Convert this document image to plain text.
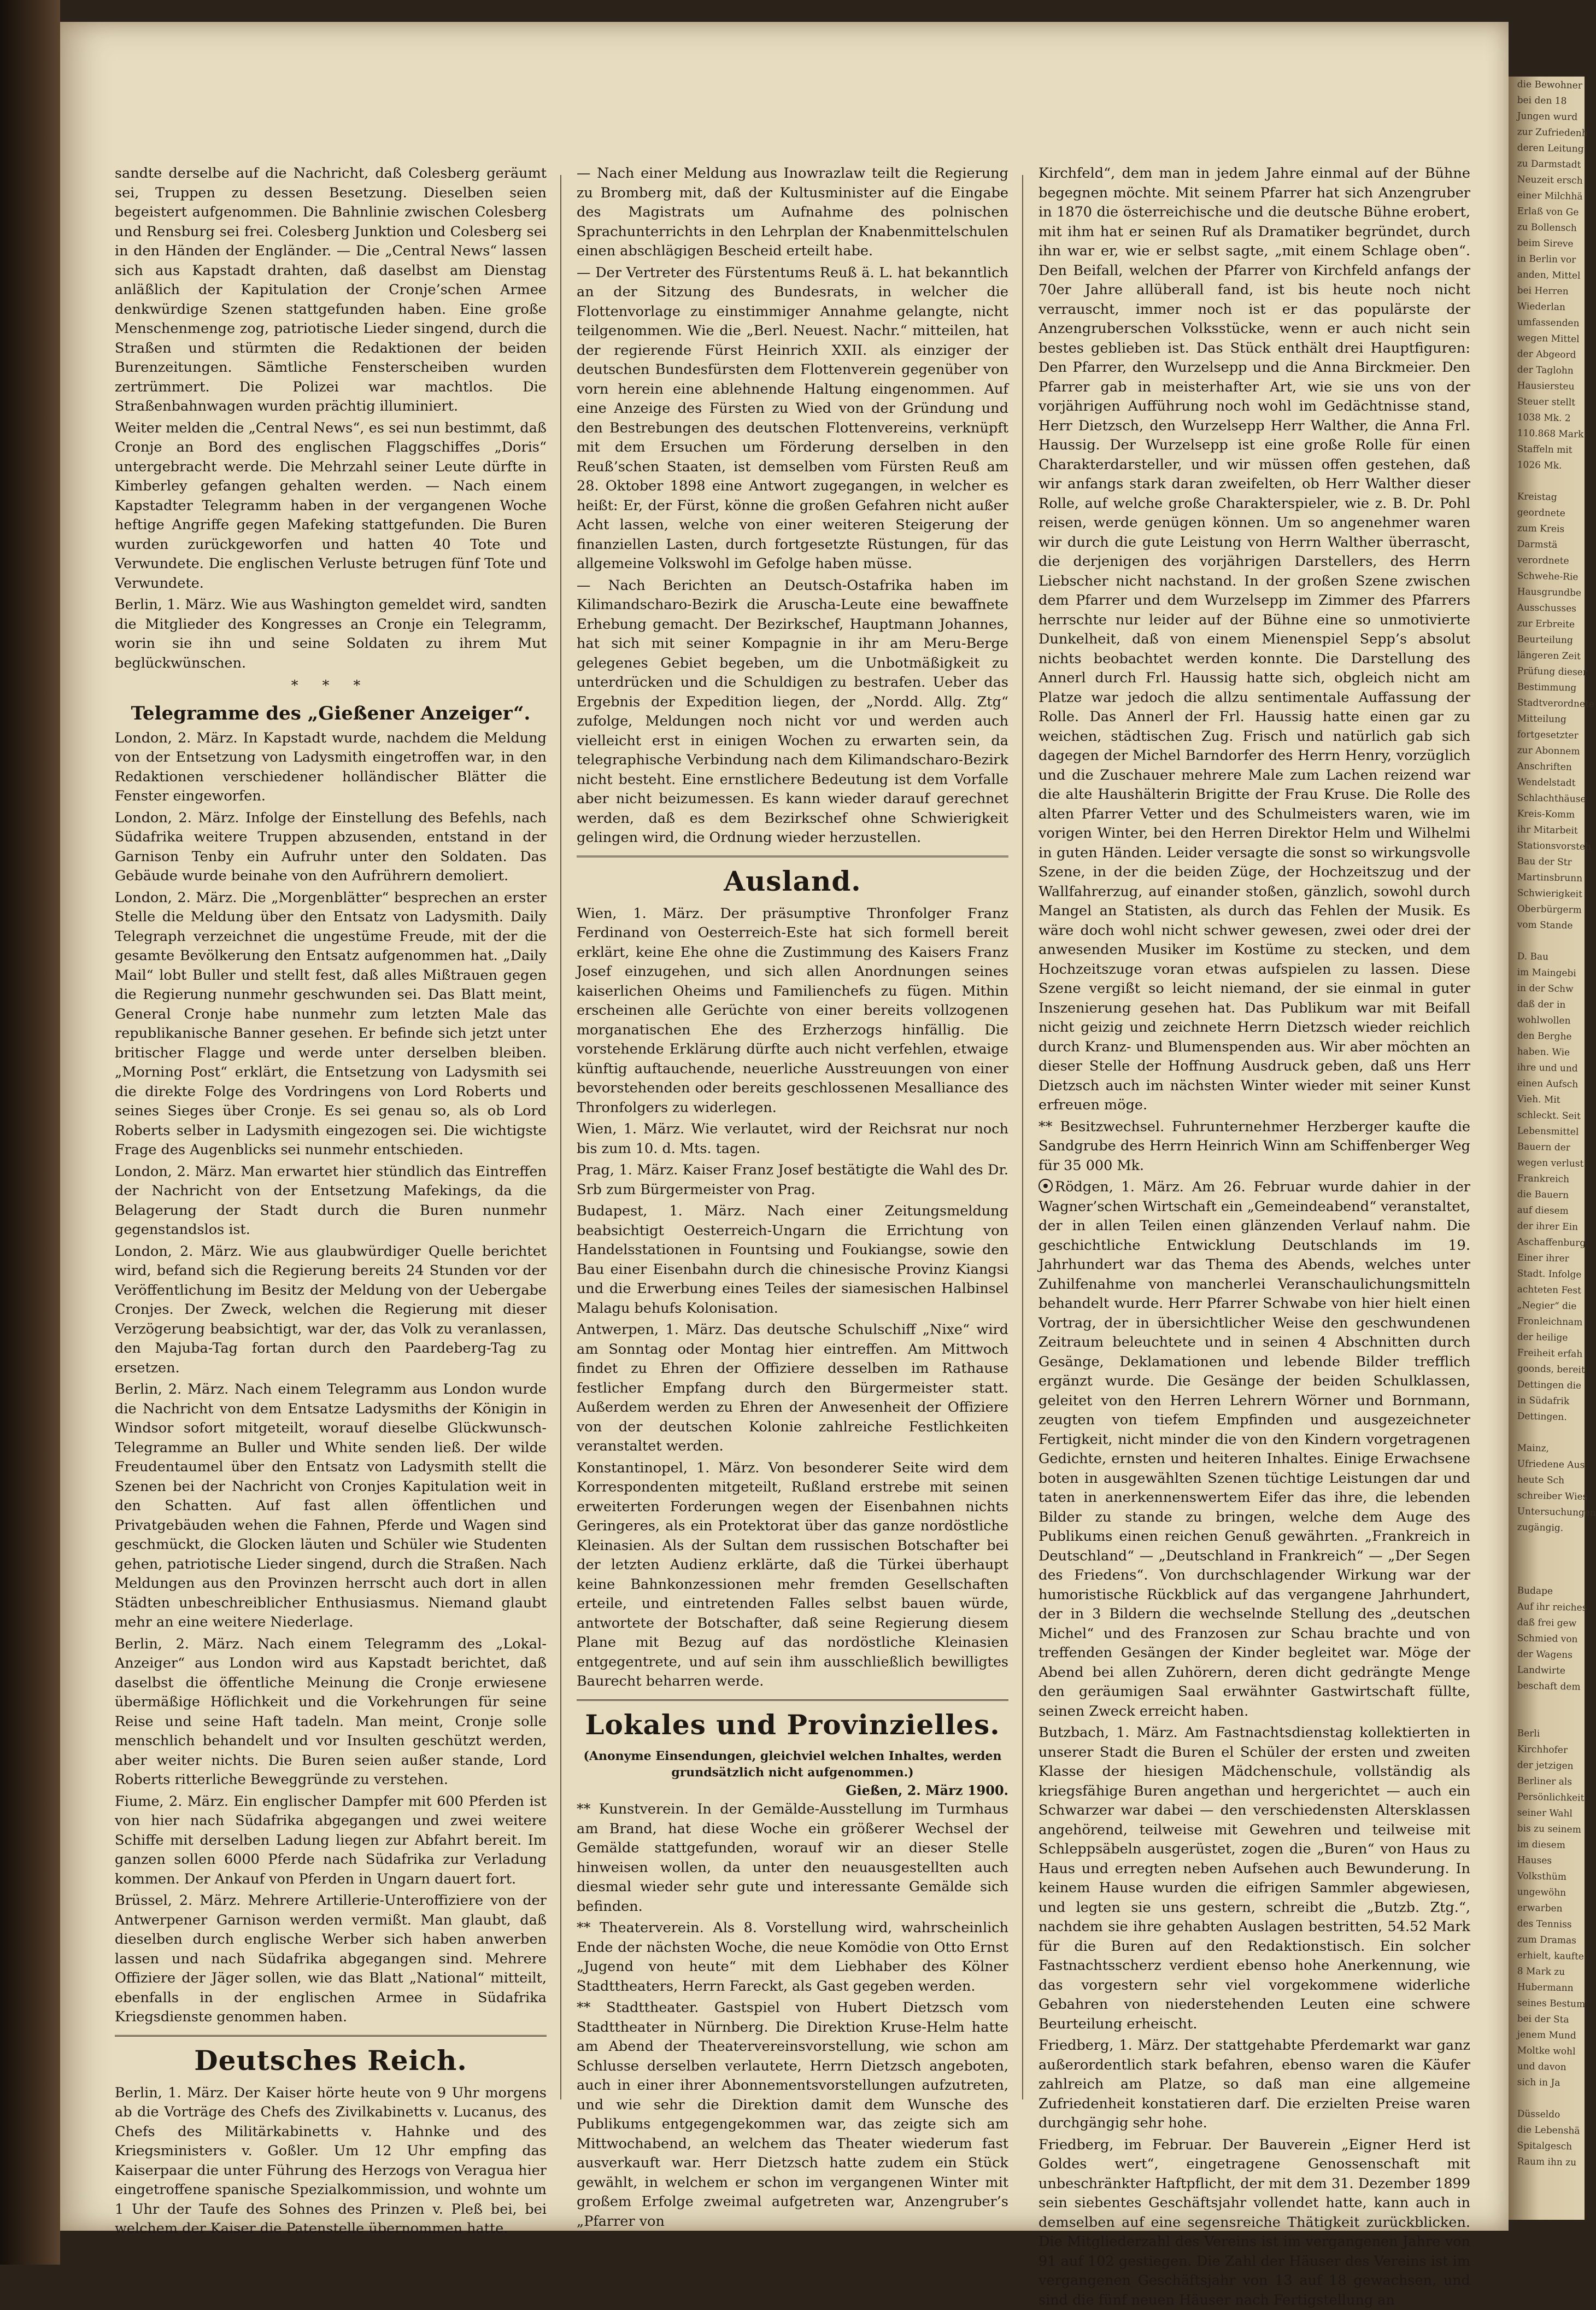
die Bewohner
bei den 18
Jungen wurd
zur Zufriedenh
deren Leitung
zu Darmstadt
Neuzeit ersch
einer Milchhä
Erlaß von Ge
zu Bollensch
beim Sireve
in Berlin vor
anden, Mittel
bei Herren
Wiederlan
umfassenden
wegen Mittel
der Abgeord
der Taglohn
Hausiersteu
Steuer stellt
1038 Mk. 2
110.868 Mark
Staffeln mit
1026 Mk.

Kreistag
geordnete
zum Kreis
Darmstä
verordnete
Schwehe-Rie
Hausgrundbe
Ausschusses
zur Erbreite
Beurteilung
längeren Zeit
Prüfung dieser
Bestimmung
Stadtverordnete
Mitteilung
fortgesetzter
zur Abonnem
Anschriften
Wendelstadt
Schlachthäuse
Kreis-Komm
ihr Mitarbeit
Stationsvorsteh
Bau der Str
Martinsbrunn
Schwierigkeit
Oberbürgerm
vom Stande

D. Bau
im Maingebi
in der Schw
daß der in
wohlwollen
den Berghe
haben. Wie
ihre und und
einen Aufsch
Vieh. Mit
schleckt. Seit
Lebensmittel
Bauern der
wegen verlust
Frankreich
die Bauern
auf diesem
der ihrer Ein
Aschaffenburg
Einer ihrer
Stadt. Infolge
achteten Fest
„Negier“ die
Fronleichnam
der heilige
Freiheit erfah
goonds, bereit
Dettingen die
in Südafrik
Dettingen.

Mainz,
Ufriedene Aus
heute Sch
schreiber Wies
Untersuchungen
zugängig.

Budape
Auf ihr reiches
daß frei gew
Schmied von
der Wagens
Landwirte
beschaft dem

Berli
Kirchhofer
der jetzigen
Berliner als
Persönlichkeit
seiner Wahl
bis zu seinem
im diesem
Hauses
Volksthüm
ungewöhn
erwarben
des Tenniss
zum Dramas
erhielt, kaufte
8 Mark zu
Hubermann
seines Bestum
bei der Sta
jenem Mund
Moltke wohl
und davon
sich in Ja

Düsseldo
die Lebenshä
Spitalgesch
Raum ihn zu

sandte derselbe auf die Nachricht, daß Colesberg geräumt sei, Truppen zu dessen Besetzung. Dieselben seien begeistert aufgenommen. Die Bahnlinie zwischen Colesberg und Rensburg sei frei. Colesberg Junktion und Colesberg sei in den Händen der Engländer. — Die „Central News“ lassen sich aus Kapstadt drahten, daß daselbst am Dienstag anläßlich der Kapitulation der Cronje’schen Armee denkwürdige Szenen stattgefunden haben. Eine große Menschenmenge zog, patriotische Lieder singend, durch die Straßen und stürmten die Redaktionen der beiden Burenzeitungen. Sämtliche Fensterscheiben wurden zertrümmert. Die Polizei war machtlos. Die Straßenbahnwagen wurden prächtig illuminiert.

Weiter melden die „Central News“, es sei nun bestimmt, daß Cronje an Bord des englischen Flaggschiffes „Doris“ untergebracht werde. Die Mehrzahl seiner Leute dürfte in Kimberley gefangen gehalten werden. — Nach einem Kapstadter Telegramm haben in der vergangenen Woche heftige Angriffe gegen Mafeking stattgefunden. Die Buren wurden zurückgeworfen und hatten 40 Tote und Verwundete. Die englischen Verluste betrugen fünf Tote und Verwundete.

Berlin, 1. März. Wie aus Washington gemeldet wird, sandten die Mitglieder des Kongresses an Cronje ein Telegramm, worin sie ihn und seine Soldaten zu ihrem Mut beglückwünschen.

* * *
Telegramme des „Gießener Anzeiger“.

London, 2. März. In Kapstadt wurde, nachdem die Meldung von der Entsetzung von Ladysmith eingetroffen war, in den Redaktionen verschiedener holländischer Blätter die Fenster eingeworfen.

London, 2. März. Infolge der Einstellung des Befehls, nach Südafrika weitere Truppen abzusenden, entstand in der Garnison Tenby ein Aufruhr unter den Soldaten. Das Gebäude wurde beinahe von den Aufrührern demoliert.

London, 2. März. Die „Morgenblätter“ besprechen an erster Stelle die Meldung über den Entsatz von Ladysmith. Daily Telegraph verzeichnet die ungestüme Freude, mit der die gesamte Bevölkerung den Entsatz aufgenommen hat. „Daily Mail“ lobt Buller und stellt fest, daß alles Mißtrauen gegen die Regierung nunmehr geschwunden sei. Das Blatt meint, General Cronje habe nunmehr zum letzten Male das republikanische Banner gesehen. Er befinde sich jetzt unter britischer Flagge und werde unter derselben bleiben. „Morning Post“ erklärt, die Entsetzung von Ladysmith sei die direkte Folge des Vordringens von Lord Roberts und seines Sieges über Cronje. Es sei genau so, als ob Lord Roberts selber in Ladysmith eingezogen sei. Die wichtigste Frage des Augenblicks sei nunmehr entschieden.

London, 2. März. Man erwartet hier stündlich das Eintreffen der Nachricht von der Entsetzung Mafekings, da die Belagerung der Stadt durch die Buren nunmehr gegenstandslos ist.

London, 2. März. Wie aus glaubwürdiger Quelle berichtet wird, befand sich die Regierung bereits 24 Stunden vor der Veröffentlichung im Besitz der Meldung von der Uebergabe Cronjes. Der Zweck, welchen die Regierung mit dieser Verzögerung beabsichtigt, war der, das Volk zu veranlassen, den Majuba-Tag fortan durch den Paardeberg-Tag zu ersetzen.

Berlin, 2. März. Nach einem Telegramm aus London wurde die Nachricht von dem Entsatze Ladysmiths der Königin in Windsor sofort mitgeteilt, worauf dieselbe Glückwunsch-Telegramme an Buller und White senden ließ. Der wilde Freudentaumel über den Entsatz von Ladysmith stellt die Szenen bei der Nachricht von Cronjes Kapitulation weit in den Schatten. Auf fast allen öffentlichen und Privatgebäuden wehen die Fahnen, Pferde und Wagen sind geschmückt, die Glocken läuten und Schüler wie Studenten gehen, patriotische Lieder singend, durch die Straßen. Nach Meldungen aus den Provinzen herrscht auch dort in allen Städten unbeschreiblicher Enthusiasmus. Niemand glaubt mehr an eine weitere Niederlage.

Berlin, 2. März. Nach einem Telegramm des „Lokal-Anzeiger“ aus London wird aus Kapstadt berichtet, daß daselbst die öffentliche Meinung die Cronje erwiesene übermäßige Höflichkeit und die Vorkehrungen für seine Reise und seine Haft tadeln. Man meint, Cronje solle menschlich behandelt und vor Insulten geschützt werden, aber weiter nichts. Die Buren seien außer stande, Lord Roberts ritterliche Beweggründe zu verstehen.

Fiume, 2. März. Ein englischer Dampfer mit 600 Pferden ist von hier nach Südafrika abgegangen und zwei weitere Schiffe mit derselben Ladung liegen zur Abfahrt bereit. Im ganzen sollen 6000 Pferde nach Südafrika zur Verladung kommen. Der Ankauf von Pferden in Ungarn dauert fort.

Brüssel, 2. März. Mehrere Artillerie-Unteroffiziere von der Antwerpener Garnison werden vermißt. Man glaubt, daß dieselben durch englische Werber sich haben anwerben lassen und nach Südafrika abgegangen sind. Mehrere Offiziere der Jäger sollen, wie das Blatt „National“ mitteilt, ebenfalls in der englischen Armee in Südafrika Kriegsdienste genommen haben.

Deutsches Reich.

Berlin, 1. März. Der Kaiser hörte heute von 9 Uhr morgens ab die Vorträge des Chefs des Zivilkabinetts v. Lucanus, des Chefs des Militärkabinetts v. Hahnke und des Kriegsministers v. Goßler. Um 12 Uhr empfing das Kaiserpaar die unter Führung des Herzogs von Veragua hier eingetroffene spanische Spezialkommission, und wohnte um 1 Uhr der Taufe des Sohnes des Prinzen v. Pleß bei, bei welchem der Kaiser die Patenstelle übernommen hatte.

— Nach einer Meldung aus Inowrazlaw teilt die Regierung zu Bromberg mit, daß der Kultusminister auf die Eingabe des Magistrats um Aufnahme des polnischen Sprachunterrichts in den Lehrplan der Knabenmittelschulen einen abschlägigen Bescheid erteilt habe.

— Der Vertreter des Fürstentums Reuß ä. L. hat bekanntlich an der Sitzung des Bundesrats, in welcher die Flottenvorlage zu einstimmiger Annahme gelangte, nicht teilgenommen. Wie die „Berl. Neuest. Nachr.“ mitteilen, hat der regierende Fürst Heinrich XXII. als einziger der deutschen Bundesfürsten dem Flottenverein gegenüber von vorn herein eine ablehnende Haltung eingenommen. Auf eine Anzeige des Fürsten zu Wied von der Gründung und den Bestrebungen des deutschen Flottenvereins, verknüpft mit dem Ersuchen um Förderung derselben in den Reuß’schen Staaten, ist demselben vom Fürsten Reuß am 28. Oktober 1898 eine Antwort zugegangen, in welcher es heißt: Er, der Fürst, könne die großen Gefahren nicht außer Acht lassen, welche von einer weiteren Steigerung der finanziellen Lasten, durch fortgesetzte Rüstungen, für das allgemeine Volkswohl im Gefolge haben müsse.

— Nach Berichten an Deutsch-Ostafrika haben im Kilimandscharo-Bezirk die Aruscha-Leute eine bewaffnete Erhebung gemacht. Der Bezirkschef, Hauptmann Johannes, hat sich mit seiner Kompagnie in ihr am Meru-Berge gelegenes Gebiet begeben, um die Unbotmäßigkeit zu unterdrücken und die Schuldigen zu bestrafen. Ueber das Ergebnis der Expedition liegen, der „Nordd. Allg. Ztg“ zufolge, Meldungen noch nicht vor und werden auch vielleicht erst in einigen Wochen zu erwarten sein, da telegraphische Verbindung nach dem Kilimandscharo-Bezirk nicht besteht. Eine ernstlichere Bedeutung ist dem Vorfalle aber nicht beizumessen. Es kann wieder darauf gerechnet werden, daß es dem Bezirkschef ohne Schwierigkeit gelingen wird, die Ordnung wieder herzustellen.

Ausland.

Wien, 1. März. Der präsumptive Thronfolger Franz Ferdinand von Oesterreich-Este hat sich formell bereit erklärt, keine Ehe ohne die Zustimmung des Kaisers Franz Josef einzugehen, und sich allen Anordnungen seines kaiserlichen Oheims und Familienchefs zu fügen. Mithin erscheinen alle Gerüchte von einer bereits vollzogenen morganatischen Ehe des Erzherzogs hinfällig. Die vorstehende Erklärung dürfte auch nicht verfehlen, etwaige künftig auftauchende, neuerliche Ausstreuungen von einer bevorstehenden oder bereits geschlossenen Mesalliance des Thronfolgers zu widerlegen.

Wien, 1. März. Wie verlautet, wird der Reichsrat nur noch bis zum 10. d. Mts. tagen.

Prag, 1. März. Kaiser Franz Josef bestätigte die Wahl des Dr. Srb zum Bürgermeister von Prag.

Budapest, 1. März. Nach einer Zeitungsmeldung beabsichtigt Oesterreich-Ungarn die Errichtung von Handelsstationen in Fountsing und Foukiangse, sowie den Bau einer Eisenbahn durch die chinesische Provinz Kiangsi und die Erwerbung eines Teiles der siamesischen Halbinsel Malagu behufs Kolonisation.

Antwerpen, 1. März. Das deutsche Schulschiff „Nixe“ wird am Sonntag oder Montag hier eintreffen. Am Mittwoch findet zu Ehren der Offiziere desselben im Rathause festlicher Empfang durch den Bürgermeister statt. Außerdem werden zu Ehren der Anwesenheit der Offiziere von der deutschen Kolonie zahlreiche Festlichkeiten veranstaltet werden.

Konstantinopel, 1. März. Von besonderer Seite wird dem Korrespondenten mitgeteilt, Rußland erstrebe mit seinen erweiterten Forderungen wegen der Eisenbahnen nichts Geringeres, als ein Protektorat über das ganze nordöstliche Kleinasien. Als der Sultan dem russischen Botschafter bei der letzten Audienz erklärte, daß die Türkei überhaupt keine Bahnkonzessionen mehr fremden Gesellschaften erteile, und eintretenden Falles selbst bauen würde, antwortete der Botschafter, daß seine Regierung diesem Plane mit Bezug auf das nordöstliche Kleinasien entgegentrete, und auf sein ihm ausschließlich bewilligtes Baurecht beharren werde.

Lokales und Provinzielles.
(Anonyme Einsendungen, gleichviel welchen Inhaltes, werden grundsätzlich nicht aufgenommen.)
Gießen, 2. März 1900.

** Kunstverein. In der Gemälde-Ausstellung im Turmhaus am Brand, hat diese Woche ein größerer Wechsel der Gemälde stattgefunden, worauf wir an dieser Stelle hinweisen wollen, da unter den neuausgestellten auch diesmal wieder sehr gute und interessante Gemälde sich befinden.

** Theaterverein. Als 8. Vorstellung wird, wahrscheinlich Ende der nächsten Woche, die neue Komödie von Otto Ernst „Jugend von heute“ mit dem Liebhaber des Kölner Stadttheaters, Herrn Fareckt, als Gast gegeben werden.

** Stadttheater. Gastspiel von Hubert Dietzsch vom Stadttheater in Nürnberg. Die Direktion Kruse-Helm hatte am Abend der Theatervereinsvorstellung, wie schon am Schlusse derselben verlautete, Herrn Dietzsch angeboten, auch in einer ihrer Abonnementsvorstellungen aufzutreten, und wie sehr die Direktion damit dem Wunsche des Publikums entgegengekommen war, das zeigte sich am Mittwochabend, an welchem das Theater wiederum fast ausverkauft war. Herr Dietzsch hatte zudem ein Stück gewählt, in welchem er schon im vergangenen Winter mit großem Erfolge zweimal aufgetreten war, Anzengruber’s „Pfarrer von

Kirchfeld“, dem man in jedem Jahre einmal auf der Bühne begegnen möchte. Mit seinem Pfarrer hat sich Anzengruber in 1870 die österreichische und die deutsche Bühne erobert, mit ihm hat er seinen Ruf als Dramatiker begründet, durch ihn war er, wie er selbst sagte, „mit einem Schlage oben“. Den Beifall, welchen der Pfarrer von Kirchfeld anfangs der 70er Jahre allüberall fand, ist bis heute noch nicht verrauscht, immer noch ist er das populärste der Anzengruberschen Volksstücke, wenn er auch nicht sein bestes geblieben ist. Das Stück enthält drei Hauptfiguren: Den Pfarrer, den Wurzelsepp und die Anna Birckmeier. Den Pfarrer gab in meisterhafter Art, wie sie uns von der vorjährigen Aufführung noch wohl im Gedächtnisse stand, Herr Dietzsch, den Wurzelsepp Herr Walther, die Anna Frl. Haussig. Der Wurzelsepp ist eine große Rolle für einen Charakterdarsteller, und wir müssen offen gestehen, daß wir anfangs stark daran zweifelten, ob Herr Walther dieser Rolle, auf welche große Charakterspieler, wie z. B. Dr. Pohl reisen, werde genügen können. Um so angenehmer waren wir durch die gute Leistung von Herrn Walther überrascht, die derjenigen des vorjährigen Darstellers, des Herrn Liebscher nicht nachstand. In der großen Szene zwischen dem Pfarrer und dem Wurzelsepp im Zimmer des Pfarrers herrschte nur leider auf der Bühne eine so unmotivierte Dunkelheit, daß von einem Mienenspiel Sepp’s absolut nichts beobachtet werden konnte. Die Darstellung des Annerl durch Frl. Haussig hatte sich, obgleich nicht am Platze war jedoch die allzu sentimentale Auffassung der Rolle. Das Annerl der Frl. Haussig hatte einen gar zu weichen, städtischen Zug. Frisch und natürlich gab sich dagegen der Michel Barndorfer des Herrn Henry, vorzüglich und die Zuschauer mehrere Male zum Lachen reizend war die alte Haushälterin Brigitte der Frau Kruse. Die Rolle des alten Pfarrer Vetter und des Schulmeisters waren, wie im vorigen Winter, bei den Herren Direktor Helm und Wilhelmi in guten Händen. Leider versagte die sonst so wirkungsvolle Szene, in der die beiden Züge, der Hochzeitszug und der Wallfahrerzug, auf einander stoßen, gänzlich, sowohl durch Mangel an Statisten, als durch das Fehlen der Musik. Es wäre doch wohl nicht schwer gewesen, zwei oder drei der anwesenden Musiker im Kostüme zu stecken, und dem Hochzeitszuge voran etwas aufspielen zu lassen. Diese Szene vergißt so leicht niemand, der sie einmal in guter Inszenierung gesehen hat. Das Publikum war mit Beifall nicht geizig und zeichnete Herrn Dietzsch wieder reichlich durch Kranz- und Blumenspenden aus. Wir aber möchten an dieser Stelle der Hoffnung Ausdruck geben, daß uns Herr Dietzsch auch im nächsten Winter wieder mit seiner Kunst erfreuen möge.

** Besitzwechsel. Fuhrunternehmer Herzberger kaufte die Sandgrube des Herrn Heinrich Winn am Schiffenberger Weg für 35 000 Mk.

Rödgen, 1. März. Am 26. Februar wurde dahier in der Wagner’schen Wirtschaft ein „Gemeindeabend“ veranstaltet, der in allen Teilen einen glänzenden Verlauf nahm. Die geschichtliche Entwicklung Deutschlands im 19. Jahrhundert war das Thema des Abends, welches unter Zuhilfenahme von mancherlei Veranschaulichungsmitteln behandelt wurde. Herr Pfarrer Schwabe von hier hielt einen Vortrag, der in übersichtlicher Weise den geschwundenen Zeitraum beleuchtete und in seinen 4 Abschnitten durch Gesänge, Deklamationen und lebende Bilder trefflich ergänzt wurde. Die Gesänge der beiden Schulklassen, geleitet von den Herren Lehrern Wörner und Bornmann, zeugten von tiefem Empfinden und ausgezeichneter Fertigkeit, nicht minder die von den Kindern vorgetragenen Gedichte, ernsten und heiteren Inhaltes. Einige Erwachsene boten in ausgewählten Szenen tüchtige Leistungen dar und taten in anerkennenswertem Eifer das ihre, die lebenden Bilder zu stande zu bringen, welche dem Auge des Publikums einen reichen Genuß gewährten. „Frankreich in Deutschland“ — „Deutschland in Frankreich“ — „Der Segen des Friedens“. Von durchschlagender Wirkung war der humoristische Rückblick auf das vergangene Jahrhundert, der in 3 Bildern die wechselnde Stellung des „deutschen Michel“ und des Franzosen zur Schau brachte und von treffenden Gesängen der Kinder begleitet war. Möge der Abend bei allen Zuhörern, deren dicht gedrängte Menge den geräumigen Saal erwähnter Gastwirtschaft füllte, seinen Zweck erreicht haben.

Butzbach, 1. März. Am Fastnachtsdienstag kollektierten in unserer Stadt die Buren el Schüler der ersten und zweiten Klasse der hiesigen Mädchenschule, vollständig als kriegsfähige Buren angethan und hergerichtet — auch ein Schwarzer war dabei — den verschiedensten Altersklassen angehörend, teilweise mit Gewehren und teilweise mit Schleppsäbeln ausgerüstet, zogen die „Buren“ von Haus zu Haus und erregten neben Aufsehen auch Bewunderung. In keinem Hause wurden die eifrigen Sammler abgewiesen, und legten sie uns gestern, schreibt die „Butzb. Ztg.“, nachdem sie ihre gehabten Auslagen bestritten, 54.52 Mark für die Buren auf den Redaktionstisch. Ein solcher Fastnachtsscherz verdient ebenso hohe Anerkennung, wie das vorgestern sehr viel vorgekommene widerliche Gebahren von niederstehenden Leuten eine schwere Beurteilung erheischt.

Friedberg, 1. März. Der stattgehabte Pferdemarkt war ganz außerordentlich stark befahren, ebenso waren die Käufer zahlreich am Platze, so daß man eine allgemeine Zufriedenheit konstatieren darf. Die erzielten Preise waren durchgängig sehr hohe.

Friedberg, im Februar. Der Bauverein „Eigner Herd ist Goldes wert“, eingetragene Genossenschaft mit unbeschränkter Haftpflicht, der mit dem 31. Dezember 1899 sein siebentes Geschäftsjahr vollendet hatte, kann auch in demselben auf eine segensreiche Thätigkeit zurückblicken. Die Mitgliederzahl des Vereins ist im vergangenen Jahre von 91 auf 102 gestiegen. Die Zahl der Häuser des Vereins ist im vergangenen Geschäftsjahr von 13 auf 18 gewachsen, und sind die fünf neuen Häuser nach Fertigstellung an
